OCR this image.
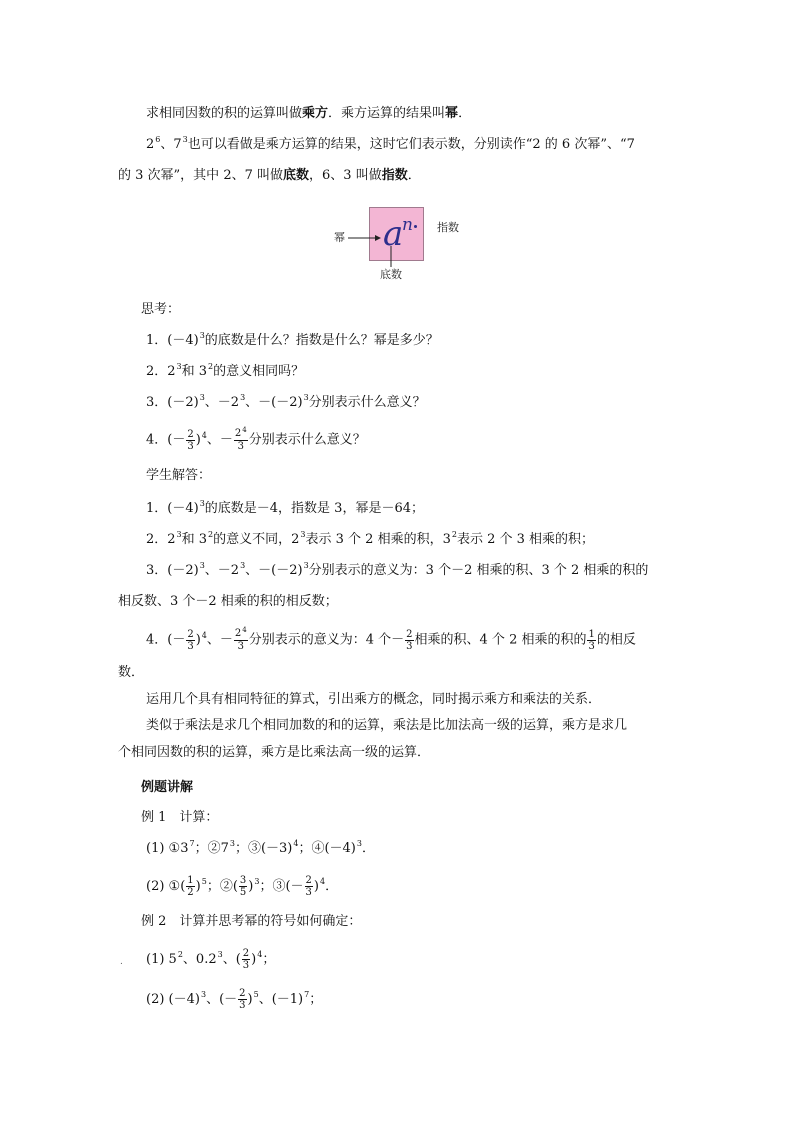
求相同因数的积的运算叫做乘方．乘方运算的结果叫幂．
$2^6$、$7^3$也可以看做是乘方运算的结果，这时它们表示数，分别读作“2 的 6 次幂”、“7
的 3 次幂”，其中 2、7 叫做底数，6、3 叫做指数．
a
n
幂
指数
底数
思考：
1．$(-4)^3$的底数是什么？指数是什么？幂是多少？
2．$2^3$和 $3^2$的意义相同吗？
3．$(-2)^3$、$-2^3$、$-(-2)^3$分别表示什么意义？
4．(－ $\frac{2}{3} )^4$、－ $\frac{2^4}{3}$ 分别表示什么意义？
学生解答：
1．$(-4)^3$的底数是－4，指数是 3，幂是－64；
2．$2^3$和 $3^2$的意义不同，$2^3$表示 3 个 2 相乘的积，$3^2$表示 2 个 3 相乘的积；
3．$(-2)^3$、$-2^3$、$-(-2)^3$分别表示的意义为：3 个－2 相乘的积、3 个 2 相乘的积的
相反数、3 个－2 相乘的积的相反数；
4．(－ $\frac{2}{3} )^4$、－ $\frac{2^4}{3}$ 分别表示的意义为：4 个－ $\frac{2}{3}$ 相乘的积、4 个 2 相乘的积的 $\frac{1}{3}$ 的相反
数．
运用几个具有相同特征的算式，引出乘方的概念，同时揭示乘方和乘法的关系．
类似于乘法是求几个相同加数的和的运算，乘法是比加法高一级的运算，乘方是求几
个相同因数的积的运算，乘方是比乘法高一级的运算．
例题讲解
例 1　计算：
(1) $①3^7$；$②7^3$；$③(-3)^4$；$④(-4)^3$．
(2) ①( $\frac{1}{2} )^5$；②( $\frac{3}{5} )^3$；③(－ $\frac{2}{3} )^4$．
例 2　计算并思考幂的符号如何确定：
. (1) $5^2$、$0.2^3$、( $\frac{2}{3} )^4$；
(2) $(-4)^3$、(－ $\frac{2}{3} )^5$、$(-1)^7$；
